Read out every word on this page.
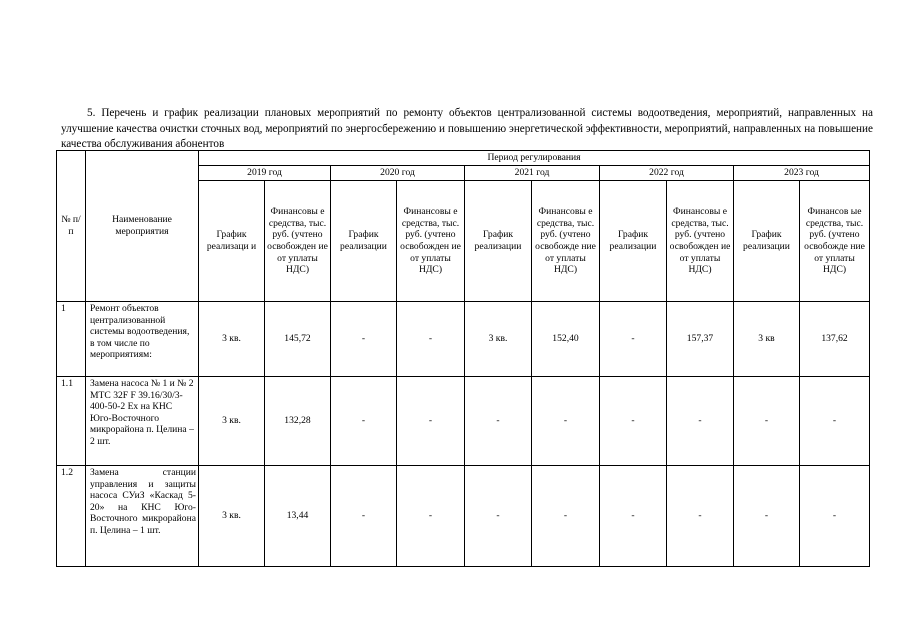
5. Перечень и график реализации плановых мероприятий по ремонту объектов централизованной системы водоотведения, мероприятий, направленных на улучшение качества очистки сточных вод, мероприятий по энергосбережению и повышению энергетической эффективности, мероприятий, направленных на повышение качества обслуживания абонентов

№ п/п	Наименование мероприятия	Период регулирования									
		2019 год		2020 год		2021 год		2022 год		2023 год	
		График реализаци и	Финансовы е средства, тыс. руб. (учтено освобожден ие от уплаты НДС)	График реализации	Финансовы е средства, тыс. руб. (учтено освобожден ие от уплаты НДС)	График реализации	Финансовы е средства, тыс. руб. (учтено освобожде ние от уплаты НДС)	График реализации	Финансовы е средства, тыс. руб. (учтено освобожден ие от уплаты НДС)	График реализации	Финансов ые средства, тыс. руб. (учтено освобожде ние от уплаты НДС)
1	Ремонт объектов централизованной системы водоотведения, в том числе по мероприятиям:	3 кв.	145,72	-	-	3 кв.	152,40	-	157,37	3 кв	137,62
1.1	Замена насоса № 1 и № 2 МТС 32F F 39.16/30/3-400-50-2 Ex на КНС Юго-Восточного микрорайона п. Целина – 2 шт.	3 кв.	132,28	-	-	-	-	-	-	-	-
1.2	Замена станции управления и защиты насоса СУиЗ «Каскад 5-20» на КНС Юго-Восточного микрорайона п. Целина – 1 шт.	3 кв.	13,44	-	-	-	-	-	-	-	-
